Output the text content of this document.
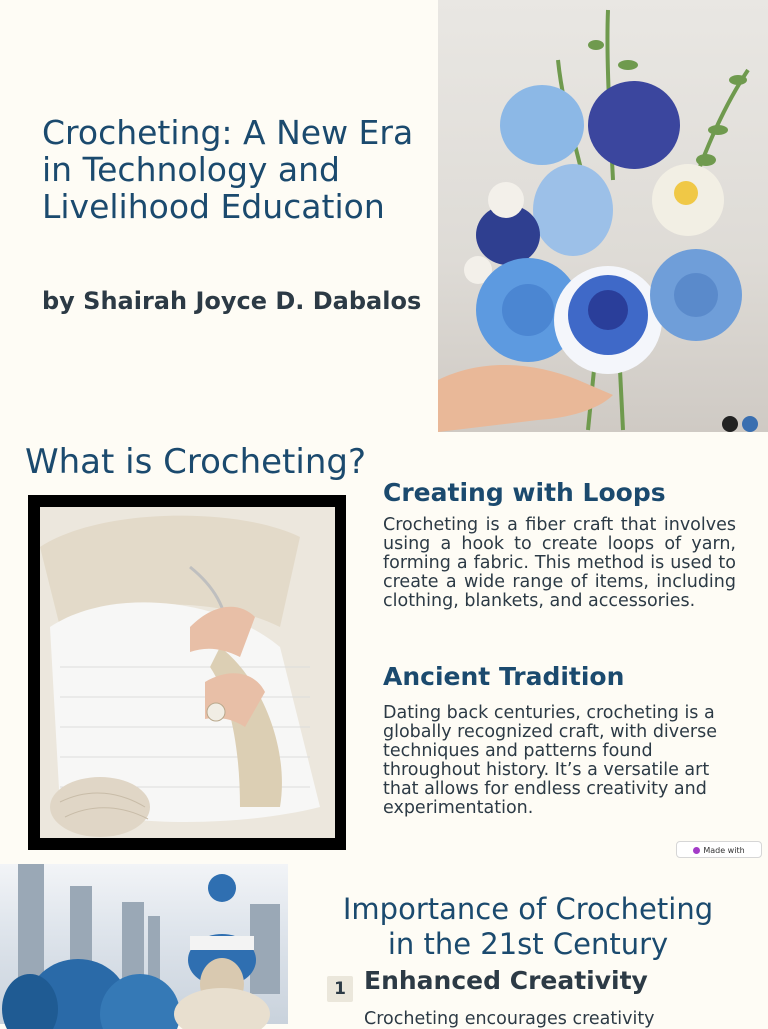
Crocheting: A New Era in Technology and Livelihood Education
by Shairah Joyce D. Dabalos
What is Crocheting?
Creating with Loops

Crocheting is a fiber craft that involves using a hook to create loops of yarn, forming a fabric. This method is used to create a wide range of items, including clothing, blankets, and accessories.

Ancient Tradition

Dating back centuries, crocheting is a globally recognized craft, with diverse techniques and patterns found throughout history. It’s a versatile art that allows for endless creativity and experimentation.

Made with
Importance of Crocheting in the 21st Century
1 Enhanced Creativity

Crocheting encourages creativity
